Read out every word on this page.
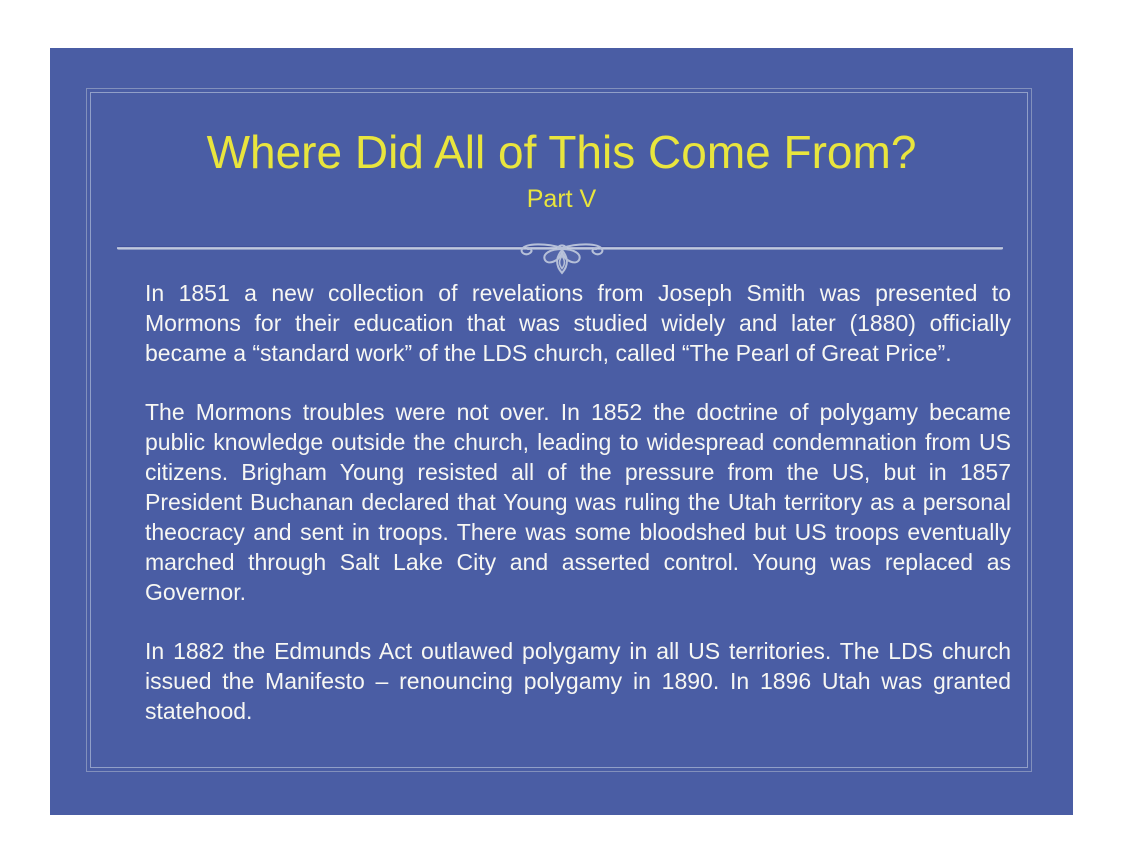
Where Did All of This Come From?
Part V

In 1851 a new collection of revelations from Joseph Smith was presented to Mormons for their education that was studied widely and later (1880) officially became a “standard work” of the LDS church, called “The Pearl of Great Price”.

The Mormons troubles were not over. In 1852 the doctrine of polygamy became public knowledge outside the church, leading to widespread condemnation from US citizens. Brigham Young resisted all of the pressure from the US, but in 1857 President Buchanan declared that Young was ruling the Utah territory as a personal theocracy and sent in troops. There was some bloodshed but US troops eventually marched through Salt Lake City and asserted control. Young was replaced as Governor.

In 1882 the Edmunds Act outlawed polygamy in all US territories. The LDS church issued the Manifesto – renouncing polygamy in 1890. In 1896 Utah was granted statehood.
